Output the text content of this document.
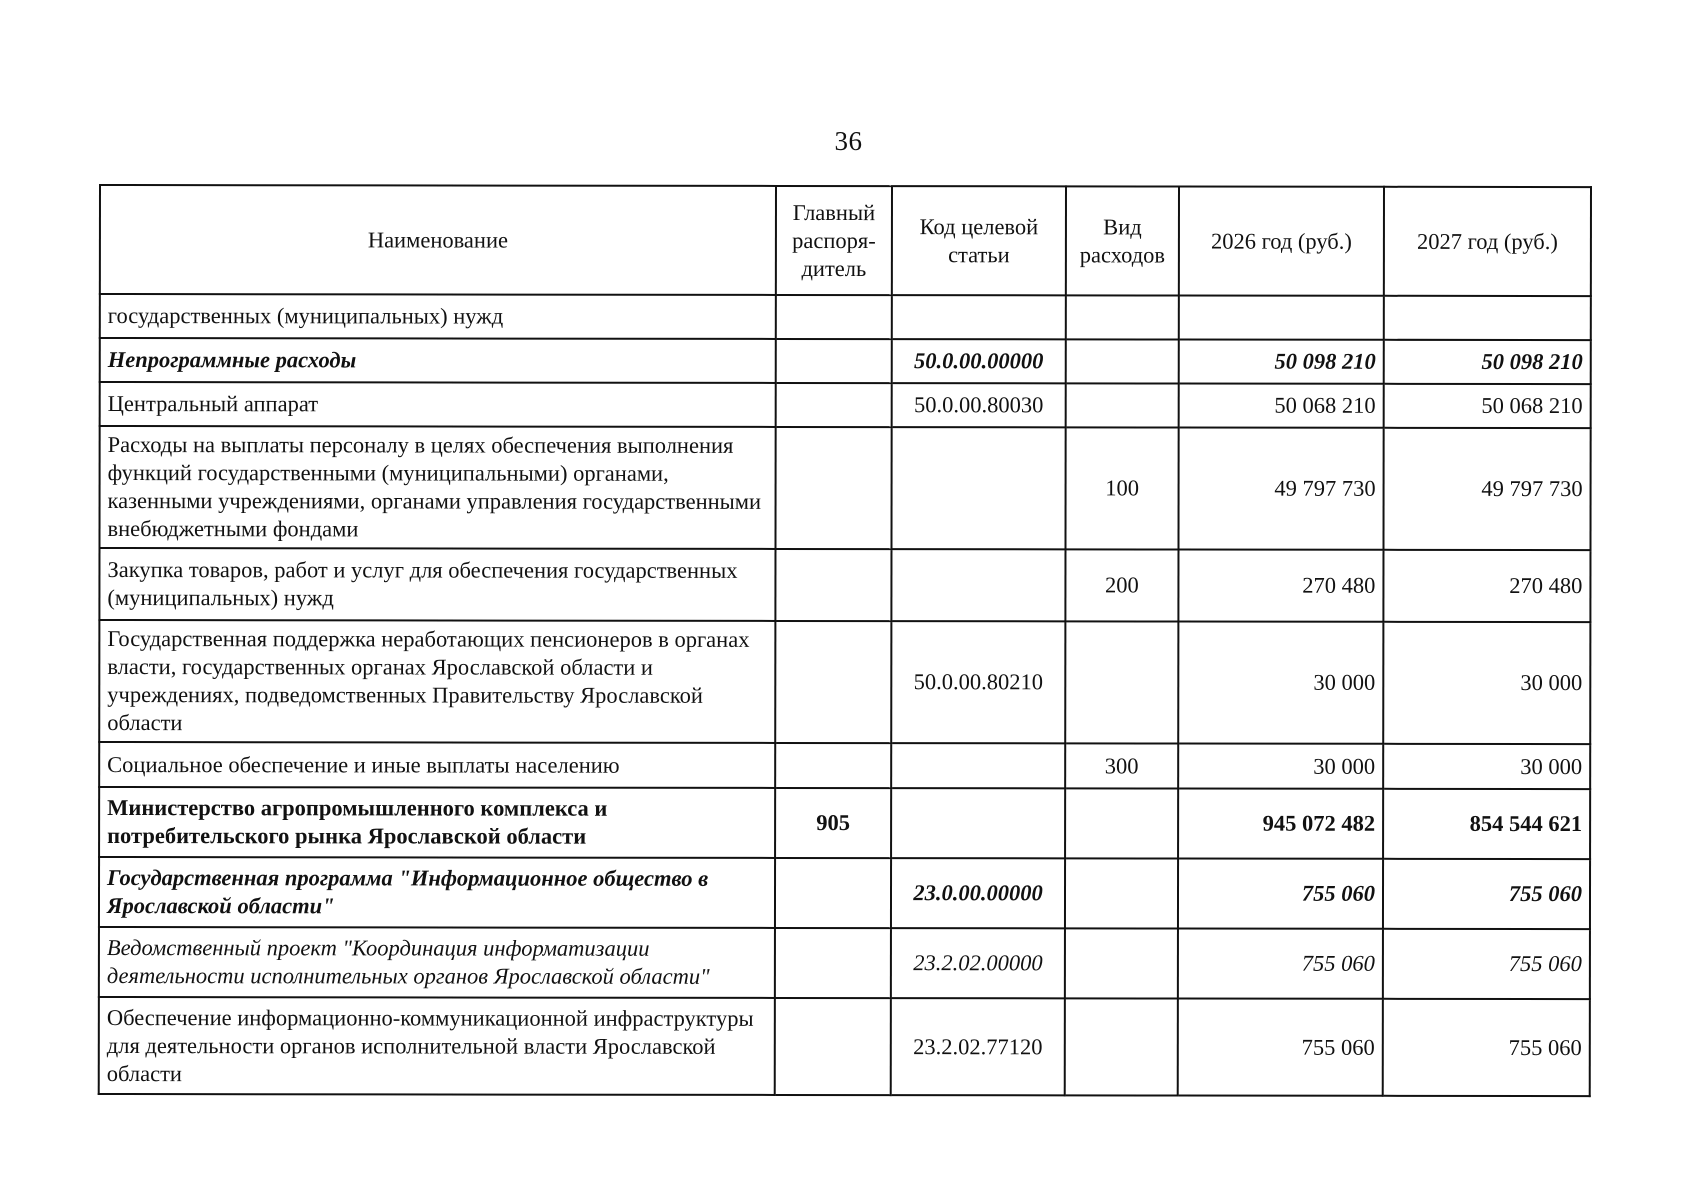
36
Наименование	Главный распоря-дитель	Код целевой статьи	Вид расходов	2026 год (руб.)	2027 год (руб.)

государственных (муниципальных) нужд					
Непрограммные расходы		50.0.00.00000		50 098 210	50 098 210
Центральный аппарат		50.0.00.80030		50 068 210	50 068 210
Расходы на выплаты персоналу в целях обеспечения выполнения функций государственными (муниципальными) органами, казенными учреждениями, органами управления государственными внебюджетными фондами			100	49 797 730	49 797 730
Закупка товаров, работ и услуг для обеспечения государственных (муниципальных) нужд			200	270 480	270 480
Государственная поддержка неработающих пенсионеров в органах власти, государственных органах Ярославской области и учреждениях, подведомственных Правительству Ярославской области		50.0.00.80210		30 000	30 000
Социальное обеспечение и иные выплаты населению			300	30 000	30 000
Министерство агропромышленного комплекса и потребительского рынка Ярославской области	905			945 072 482	854 544 621
Государственная программа "Информационное общество в Ярославской области"		23.0.00.00000		755 060	755 060
Ведомственный проект "Координация информатизации деятельности исполнительных органов Ярославской области"		23.2.02.00000		755 060	755 060
Обеспечение информационно-коммуникационной инфраструктуры для деятельности органов исполнительной власти Ярославской области		23.2.02.77120		755 060	755 060
